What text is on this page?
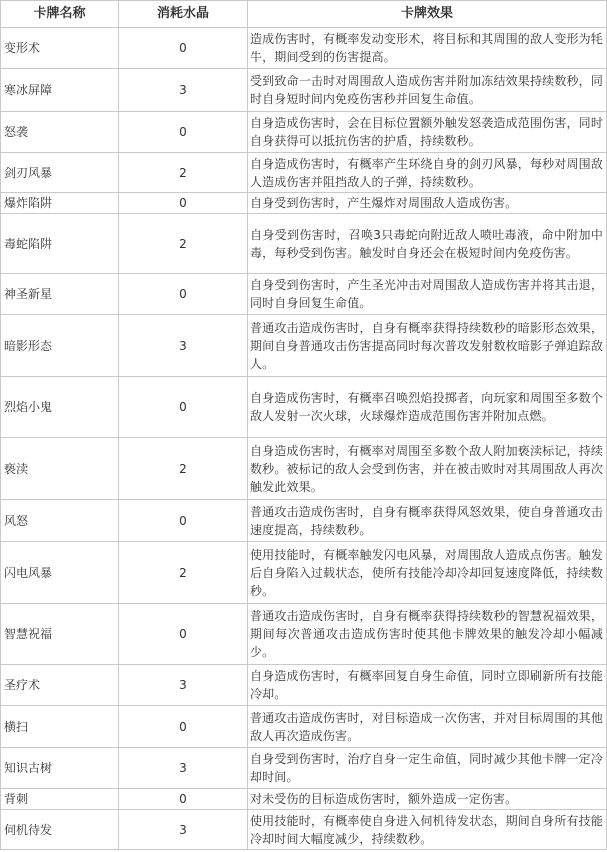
卡牌名称	消耗水晶	卡牌效果
变形术	0	造成伤害时，有概率发动变形术，将目标和其周围的敌人变形为牦牛，期间受到的伤害提高。
寒冰屏障	3	受到致命一击时对周围敌人造成伤害并附加冻结效果持续数秒，同时自身短时间内免疫伤害秒并回复生命值。
怒袭	0	自身造成伤害时，会在目标位置额外触发怒袭造成范围伤害，同时自身获得可以抵抗伤害的护盾，持续数秒。
剑刃风暴	2	自身造成伤害时，有概率产生环绕自身的剑刃风暴，每秒对周围敌人造成伤害并阻挡敌人的子弹，持续数秒。
爆炸陷阱	0	自身受到伤害时，产生爆炸对周围敌人造成伤害。
毒蛇陷阱	2	自身受到伤害时，召唤3只毒蛇向附近敌人喷吐毒液，命中附加中毒，每秒受到伤害。触发时自身还会在极短时间内免疫伤害。
神圣新星	0	自身受到伤害时，产生圣光冲击对周围敌人造成伤害并将其击退，同时自身回复生命值。
暗影形态	3	普通攻击造成伤害时，自身有概率获得持续数秒的暗影形态效果，期间自身普通攻击伤害提高同时每次普攻发射数枚暗影子弹追踪敌人。
烈焰小鬼	0	自身造成伤害时，有概率召唤烈焰投掷者，向玩家和周围至多数个敌人发射一次火球，火球爆炸造成范围伤害并附加点燃。
亵渎	2	自身造成伤害时，有概率对周围至多数个敌人附加亵渎标记，持续数秒。被标记的敌人会受到伤害，并在被击败时对其周围敌人再次触发此效果。
风怒	0	普通攻击造成伤害时，自身有概率获得风怒效果，使自身普通攻击速度提高，持续数秒。
闪电风暴	2	使用技能时，有概率触发闪电风暴，对周围敌人造成点伤害。触发后自身陷入过载状态，使所有技能冷却冷却回复速度降低，持续数秒。
智慧祝福	0	普通攻击造成伤害时，自身有概率获得持续数秒的智慧祝福效果，期间每次普通攻击造成伤害时使其他卡牌效果的触发冷却小幅减少。
圣疗术	3	自身造成伤害时，有概率回复自身生命值，同时立即刷新所有技能冷却。
横扫	0	普通攻击造成伤害时，对目标造成一次伤害，并对目标周围的其他敌人再次造成伤害。
知识古树	3	自身受到伤害时，治疗自身一定生命值，同时减少其他卡牌一定冷却时间。
背刺	0	对未受伤的目标造成伤害时，额外造成一定伤害。
伺机待发	3	使用技能时，有概率使自身进入伺机待发状态，期间自身所有技能冷却时间大幅度减少，持续数秒。
